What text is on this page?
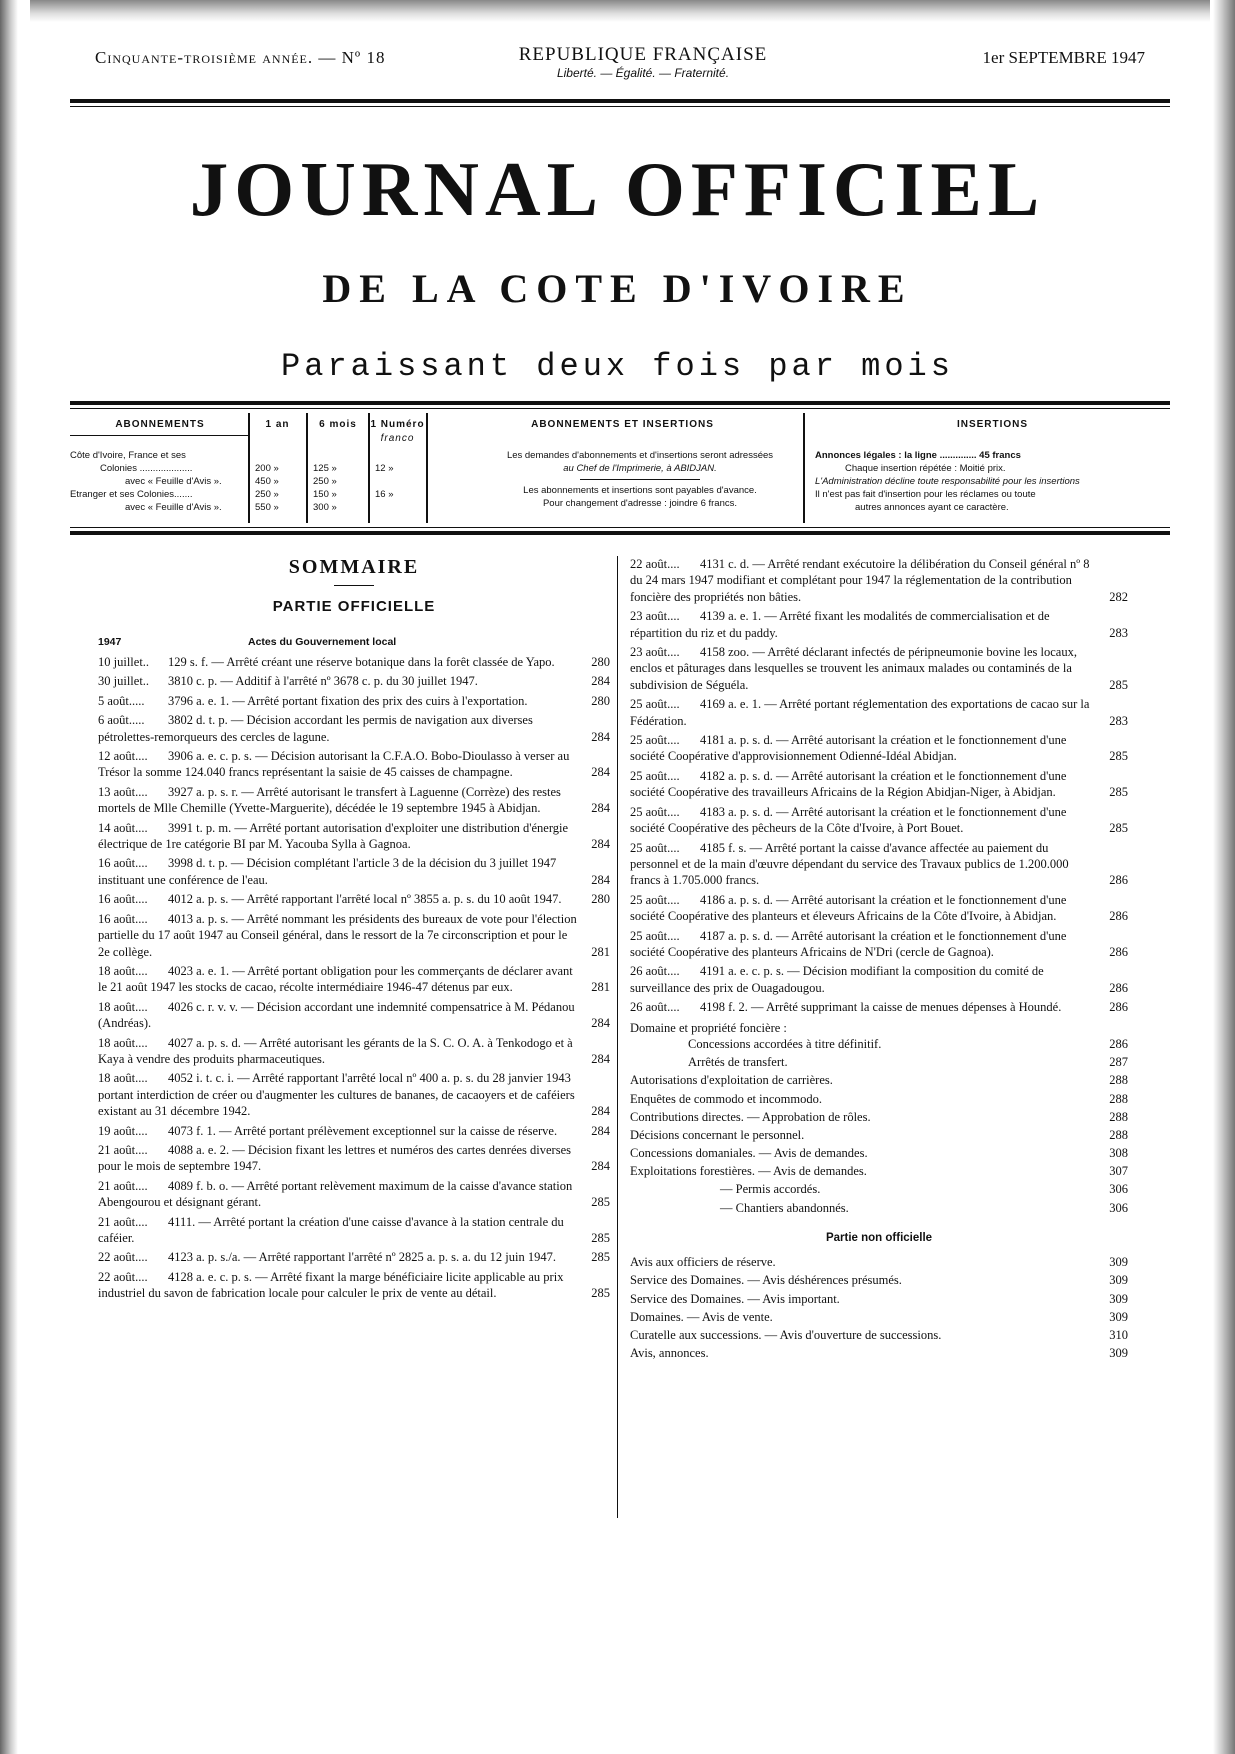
Cinquante-troisième année. — Nº 18	REPUBLIQUE FRANÇAISE
Liberté. — Égalité. — Fraternité.
1er SEPTEMBRE 1947
JOURNAL OFFICIEL
DE LA COTE D'IVOIRE
Paraissant deux fois par mois
ABONNEMENTS	1 an	6 mois	1 Numéro
franco
ABONNEMENTS ET INSERTIONS	INSERTIONS
Côte d'Ivoire, France et ses
Colonies ....................	200 »	125 »	12 »
avec « Feuille d'Avis ».	450 »	250 »
Etranger et ses Colonies.......	250 »	150 »	16 »
avec « Feuille d'Avis ».	550 »	300 »
Les demandes d'abonnements et d'insertions seront adressées
au Chef de l'Imprimerie, à ABIDJAN.
Les abonnements et insertions sont payables d'avance.
Pour changement d'adresse : joindre 6 francs.
Annonces légales : la ligne .............. 45 francs
Chaque insertion répétée : Moitié prix.
L'Administration décline toute responsabilité pour les insertions
Il n'est pas fait d'insertion pour les réclames ou toute
autres annonces ayant ce caractère.
SOMMAIRE
PARTIE OFFICIELLE
1947	Actes du Gouvernement local
10 juillet.. 129 s. f. — Arrêté créant une réserve botanique dans la forêt classée de Yapo.	280
30 juillet.. 3810 c. p. — Additif à l'arrêté nº 3678 c. p. du 30 juillet 1947.	284
5 août..... 3796 a. e. 1. — Arrêté portant fixation des prix des cuirs à l'exportation.	280
6 août..... 3802 d. t. p. — Décision accordant les permis de navigation aux diverses pétrolettes-remorqueurs des cercles de lagune.	284
12 août.... 3906 a. e. c. p. s. — Décision autorisant la C.F.A.O. Bobo-Dioulasso à verser au Trésor la somme 124.040 francs représentant la saisie de 45 caisses de champagne.	284
13 août.... 3927 a. p. s. r. — Arrêté autorisant le transfert à Laguenne (Corrèze) des restes mortels de Mlle Chemille (Yvette-Marguerite), décédée le 19 septembre 1945 à Abidjan.	284
14 août.... 3991 t. p. m. — Arrêté portant autorisation d'exploiter une distribution d'énergie électrique de 1re catégorie BI par M. Yacouba Sylla à Gagnoa.	284
16 août.... 3998 d. t. p. — Décision complétant l'article 3 de la décision du 3 juillet 1947 instituant une conférence de l'eau.	284
16 août.... 4012 a. p. s. — Arrêté rapportant l'arrêté local nº 3855 a. p. s. du 10 août 1947. 280
16 août.... 4013 a. p. s. — Arrêté nommant les présidents des bureaux de vote pour l'élection partielle du 17 août 1947 au Conseil général, dans le ressort de la 7e circonscription et pour le 2e collège.	281
18 août.... 4023 a. e. 1. — Arrêté portant obligation pour les commerçants de déclarer avant le 21 août 1947 les stocks de cacao, récolte intermédiaire 1946-47 détenus par eux.	281
18 août.... 4026 c. r. v. v. — Décision accordant une indemnité compensatrice à M. Pédanou (Andréas).	284
18 août.... 4027 a. p. s. d. — Arrêté autorisant les gérants de la S. C. O. A. à Tenkodogo et à Kaya à vendre des produits pharmaceutiques.	284
18 août.... 4052 i. t. c. i. — Arrêté rapportant l'arrêté local nº 400 a. p. s. du 28 janvier 1943 portant interdiction de créer ou d'augmenter les cultures de bananes, de cacaoyers et de caféiers existant au 31 décembre 1942.	284
19 août.... 4073 f. 1. — Arrêté portant prélèvement exceptionnel sur la caisse de réserve.	284
21 août.... 4088 a. e. 2. — Décision fixant les lettres et numéros des cartes denrées diverses pour le mois de septembre 1947.	284
21 août.... 4089 f. b. o. — Arrêté portant relèvement maximum de la caisse d'avance station Abengourou et désignant gérant.	285
21 août.... 4111. — Arrêté portant la création d'une caisse d'avance à la station centrale du caféier.	285
22 août.... 4123 a. p. s./a. — Arrêté rapportant l'arrêté nº 2825 a. p. s. a. du 12 juin 1947.	285
22 août.... 4128 a. e. c. p. s. — Arrêté fixant la marge bénéficiaire licite applicable au prix industriel du savon de fabrication locale pour calculer le prix de vente au détail.	285
22 août.... 4131 c. d. — Arrêté rendant exécutoire la délibération du Conseil général nº 8 du 24 mars 1947 modifiant et complétant pour 1947 la réglementation de la contribution foncière des propriétés non bâties.	282
23 août.... 4139 a. e. 1. — Arrêté fixant les modalités de commercialisation et de répartition du riz et du paddy.	283
23 août.... 4158 zoo. — Arrêté déclarant infectés de péripneumonie bovine les locaux, enclos et pâturages dans lesquelles se trouvent les animaux malades ou contaminés de la subdivision de Séguéla.	285
25 août.... 4169 a. e. 1. — Arrêté portant réglementation des exportations de cacao sur la Fédération.	283
25 août.... 4181 a. p. s. d. — Arrêté autorisant la création et le fonctionnement d'une société Coopérative d'approvisionnement Odienné-Idéal Abidjan.	285
25 août.... 4182 a. p. s. d. — Arrêté autorisant la création et le fonctionnement d'une société Coopérative des travailleurs Africains de la Région Abidjan-Niger, à Abidjan.	285
25 août.... 4183 a. p. s. d. — Arrêté autorisant la création et le fonctionnement d'une société Coopérative des pêcheurs de la Côte d'Ivoire, à Port Bouet.	285
25 août.... 4185 f. s. — Arrêté portant la caisse d'avance affectée au paiement du personnel et de la main d'œuvre dépendant du service des Travaux publics de 1.200.000 francs à 1.705.000 francs.	286
25 août.... 4186 a. p. s. d. — Arrêté autorisant la création et le fonctionnement d'une société Coopérative des planteurs et éleveurs Africains de la Côte d'Ivoire, à Abidjan.	286
25 août.... 4187 a. p. s. d. — Arrêté autorisant la création et le fonctionnement d'une société Coopérative des planteurs Africains de N'Dri (cercle de Gagnoa).	286
26 août.... 4191 a. e. c. p. s. — Décision modifiant la composition du comité de surveillance des prix de Ouagadougou.	286
26 août.... 4198 f. 2. — Arrêté supprimant la caisse de menues dépenses à Houndé.	286
Domaine et propriété foncière :
Concessions accordées à titre définitif.	286
Arrêtés de transfert.	287
Autorisations d'exploitation de carrières.	288
Enquêtes de commodo et incommodo.	288
Contributions directes. — Approbation de rôles.	288
Décisions concernant le personnel.	288
Concessions domaniales. — Avis de demandes.	308
Exploitations forestières. — Avis de demandes.	307
— Permis accordés.	306
— Chantiers abandonnés.	306
Partie non officielle
Avis aux officiers de réserve.	309
Service des Domaines. — Avis déshérences présumés.	309
Service des Domaines. — Avis important.	309
Domaines. — Avis de vente.	309
Curatelle aux successions. — Avis d'ouverture de successions.	310
Avis, annonces.	309
